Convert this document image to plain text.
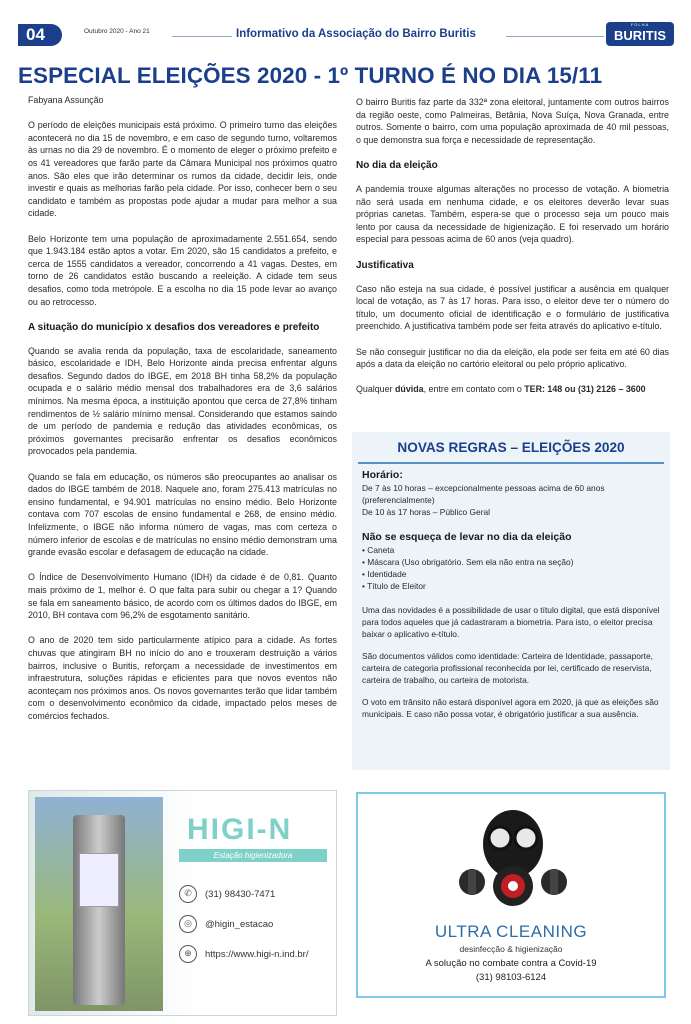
04	Outubro 2020 - Ano 21	Informativo da Associação do Bairro Buritis
FOLHA
BURITIS
ESPECIAL ELEIÇÕES 2020 - 1º TURNO É NO DIA 15/11

Fabyana Assunção

O período de eleições municipais está próximo. O primeiro turno das eleições acontecerá no dia 15 de novembro, e em caso de segundo turno, voltaremos às urnas no dia 29 de novembro. É o momento de eleger o próximo prefeito e os 41 vereadores que farão parte da Câmara Municipal nos próximos quatro anos. São eles que irão determinar os rumos da cidade, decidir leis, onde investir e quais as melhorias farão pela cidade. Por isso, conhecer bem o seu candidato e também as propostas pode ajudar a mudar para melhor a sua cidade.

Belo Horizonte tem uma população de aproximadamente 2.551.654, sendo que 1.943.184 estão aptos a votar. Em 2020, são 15 candidatos a prefeito, e cerca de 1555 candidatos a vereador, concorrendo a 41 vagas. Destes, em torno de 26 candidatos estão buscando a reeleição. A cidade tem seus desafios, como toda metrópole. E a escolha no dia 15 pode levar ao avanço ou ao retrocesso.

A situação do município x desafios dos vereadores e prefeito

Quando se avalia renda da população, taxa de escolaridade, saneamento básico, escolaridade e IDH, Belo Horizonte ainda precisa enfrentar alguns desafios. Segundo dados do IBGE, em 2018 BH tinha 58,2% da população ocupada e o salário médio mensal dos trabalhadores era de 3,6 salários mínimos. Na mesma época, a instituição apontou que cerca de 27,8% tinham rendimentos de ½ salário mínimo mensal. Considerando que estamos saindo de um período de pandemia e redução das atividades econômicas, os próximos governantes precisarão enfrentar os desafios econômicos provocados pela pandemia.

Quando se fala em educação, os números são preocupantes ao analisar os dados do IBGE também de 2018. Naquele ano, foram 275.413 matrículas no ensino fundamental, e 94.901 matrículas no ensino médio. Belo Horizonte contava com 707 escolas de ensino fundamental e 268, de ensino médio. Infelizmente, o IBGE não informa número de vagas, mas com certeza o número inferior de escolas e de matrículas no ensino médio demonstram uma grande evasão escolar e defasagem de educação na cidade.

O Índice de Desenvolvimento Humano (IDH) da cidade é de 0,81. Quanto mais próximo de 1, melhor é. O que falta para subir ou chegar a 1? Quando se fala em saneamento básico, de acordo com os últimos dados do IBGE, em 2010, BH contava com 96,2% de esgotamento sanitário.

O ano de 2020 tem sido particularmente atípico para a cidade. As fortes chuvas que atingiram BH no início do ano e trouxeram destruição a vários bairros, inclusive o Buritis, reforçam a necessidade de investimentos em infraestrutura, soluções rápidas e eficientes para que novos eventos não aconteçam nos próximos anos. Os novos governantes terão que lidar também com o desenvolvimento econômico da cidade, impactado pelos meses de comércios fechados.

O bairro Buritis faz parte da 332ª zona eleitoral, juntamente com outros bairros da região oeste, como Palmeiras, Betânia, Nova Suíça, Nova Granada, entre outros. Somente o bairro, com uma população aproximada de 40 mil pessoas, o que demonstra sua força e necessidade de representação.

No dia da eleição

A pandemia trouxe algumas alterações no processo de votação. A biometria não será usada em nenhuma cidade, e os eleitores deverão levar suas próprias canetas. Também, espera-se que o processo seja um pouco mais lento por causa da necessidade de higienização. E foi reservado um horário especial para pessoas acima de 60 anos (veja quadro).

Justificativa

Caso não esteja na sua cidade, é possível justificar a ausência em qualquer local de votação, as 7 às 17 horas. Para isso, o eleitor deve ter o número do título, um documento oficial de identificação e o formulário de justificativa preenchido. A justificativa também pode ser feita através do aplicativo e-título.

Se não conseguir justificar no dia da eleição, ela pode ser feita em até 60 dias após a data da eleição no cartório eleitoral ou pelo próprio aplicativo.

Qualquer dúvida, entre em contato com o TER: 148 ou (31) 2126 – 3600

NOVAS REGRAS – ELEIÇÕES 2020
Horário:

De 7 às 10 horas – excepcionalmente pessoas acima de 60 anos (preferencialmente)

De 10 às 17 horas – Público Geral

Não se esqueça de levar no dia da eleição
• Caneta
• Máscara (Uso obrigatório. Sem ela não entra na seção)
• Identidade
• Título de Eleitor

Uma das novidades é a possibilidade de usar o título digital, que está disponível para todos aqueles que já cadastraram a biometria. Para isto, o eleitor precisa baixar o aplicativo e-título.

São documentos válidos como identidade: Carteira de Identidade, passaporte, carteira de categoria profissional reconhecida por lei, certificado de reservista, carteira de trabalho, ou carteira de motorista.

O voto em trânsito não estará disponível agora em 2020, já que as eleições são municipais. E caso não possa votar, é obrigatório justificar a sua ausência.

HIGI-N
Estação higienizadora
✆	(31) 98430-7471
◎	@higin_estacao
⊕	https://www.higi-n.ind.br/
ULTRA CLEANING
desinfecção & higienização
A solução no combate contra a Covid-19
(31) 98103-6124
